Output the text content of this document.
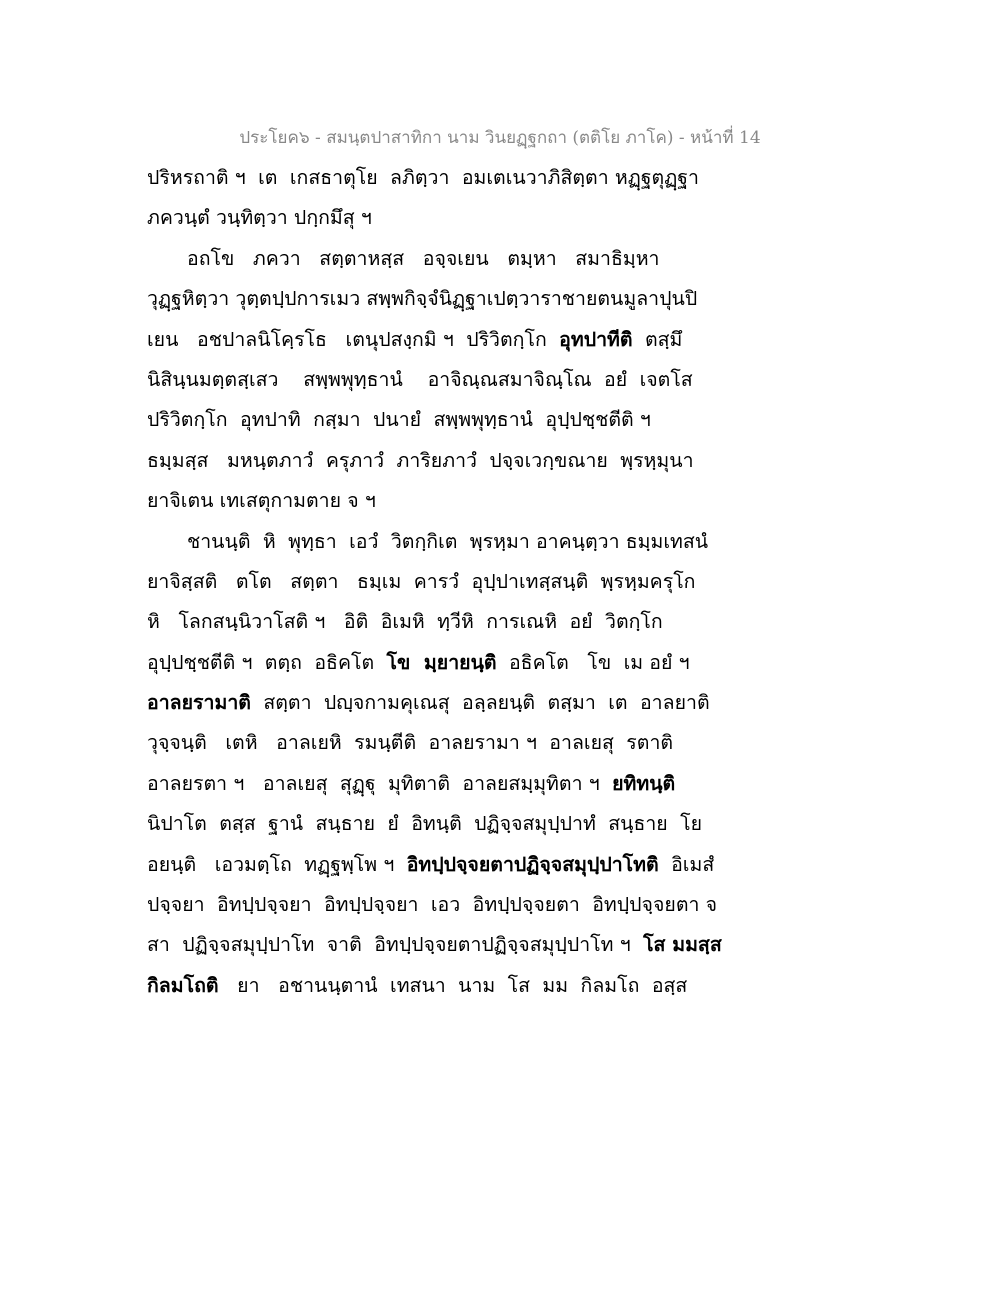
ประโยค๖ - สมนฺตปาสาทิกา นาม วินยฏฺฐกถา (ตติโย ภาโค) - หน้าที่ 14
ปริหรถาติ ฯ  เต  เกสธาตุโย  ลภิตฺวา  อมเตเนวาภิสิตฺตา หฏฺฐตุฏฺฐา
ภควนฺตํ วนฺทิตฺวา ปกฺกมึสุ ฯ
อถโข   ภควา   สตฺตาหสฺส   อจฺจเยน   ตมฺหา   สมาธิมฺหา
วุฏฺฐหิตฺวา วุตฺตปฺปการเมว สพฺพกิจฺจํนิฏฺฐาเปตฺวาราชายตนมูลาปุนปิ
เยน   อชปาลนิโคฺรโธ   เตนุปสงฺกมิ ฯ  ปริวิตกฺโก  อุทปาทีติ  ตสฺมึ
นิสินฺนมตฺตสฺเสว    สพฺพพุทฺธานํ    อาจิณฺณสมาจิณฺโณ  อยํ  เจตโส
ปริวิตกฺโก  อุทปาทิ  กสฺมา  ปนายํ  สพฺพพุทฺธานํ  อุปฺปชฺชตีติ ฯ
ธมฺมสฺส   มหนฺตภาวํ  ครุภาวํ  ภาริยภาวํ  ปจฺจเวกฺขณาย  พฺรหฺมุนา
ยาจิเตน เทเสตุกามตาย จ ฯ
ชานนฺติ  หิ  พุทฺธา  เอวํ  วิตกฺกิเต  พฺรหฺมา อาคนฺตฺวา ธมฺมเทสนํ
ยาจิสฺสติ   ตโต   สตฺตา   ธมฺเม  คารวํ  อุปฺปาเทสฺสนฺติ  พฺรหฺมครุโก
หิ   โลกสนฺนิวาโสติ ฯ   อิติ  อิเมหิ  ทฺวีหิ  การเณหิ  อยํ  วิตกฺโก
อุปฺปชฺชตีติ ฯ  ตตฺถ  อธิคโต  โข  มฺยายนฺติ  อธิคโต   โข  เม อยํ ฯ
อาลยรามาติ  สตฺตา  ปญฺจกามคุเณสุ  อลฺลยนฺติ  ตสฺมา  เต  อาลยาติ
วุจฺจนฺติ   เตหิ   อาลเยหิ  รมนฺตีติ  อาลยรามา ฯ  อาลเยสุ  รตาติ
อาลยรตา ฯ   อาลเยสุ  สุฏฺฐุ  มุทิตาติ  อาลยสมฺมุทิตา ฯ  ยทิทนฺติ
นิปาโต  ตสฺส  ฐานํ  สนฺธาย  ยํ  อิทนฺติ  ปฏิจฺจสมุปฺปาทํ  สนฺธาย  โย
อยนฺติ   เอวมตฺโถ  ทฏฺฐพฺโพ ฯ  อิทปฺปจฺจยตาปฏิจฺจสมุปฺปาโทติ  อิเมสํ
ปจฺจยา  อิทปฺปจฺจยา  อิทปฺปจฺจยา  เอว  อิทปฺปจฺจยตา  อิทปฺปจฺจยตา จ
สา  ปฏิจฺจสมุปฺปาโท  จาติ  อิทปฺปจฺจยตาปฏิจฺจสมุปฺปาโท ฯ  โส มมสฺส
กิลมโถติ   ยา   อชานนฺตานํ  เทสนา  นาม  โส  มม  กิลมโถ  อสฺส
